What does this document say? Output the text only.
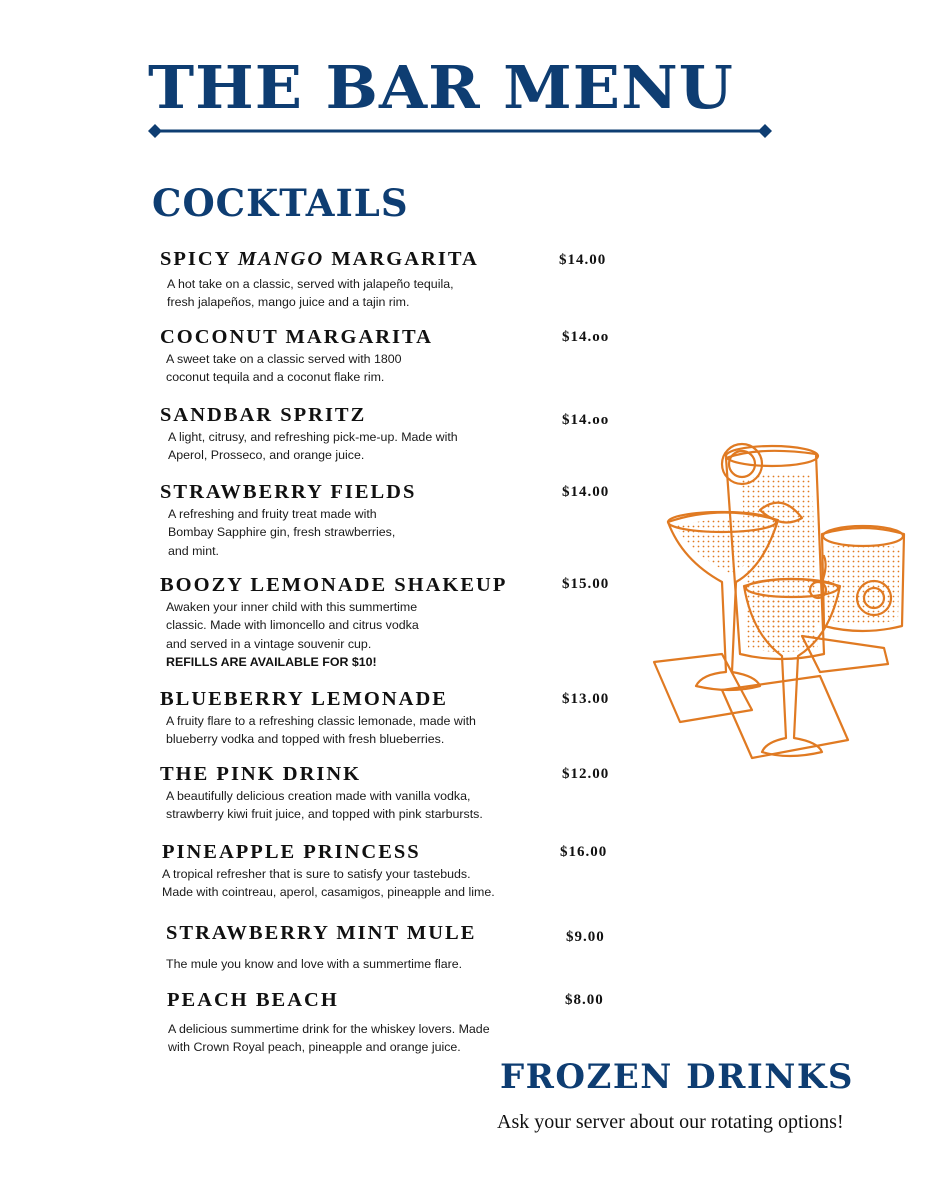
THE BAR MENU
COCKTAILS
SPICY MANGO MARGARITA
A hot take on a classic, served with jalapeño tequila,
fresh jalapeños, mango juice and a tajin rim.
$14.00
COCONUT MARGARITA
A sweet take on a classic served with 1800
coconut tequila and a coconut flake rim.
$14.oo
SANDBAR SPRITZ
A light, citrusy, and refreshing pick-me-up. Made with
Aperol, Prosseco, and orange juice.
$14.oo
STRAWBERRY FIELDS
A refreshing and fruity treat made with
Bombay Sapphire gin, fresh strawberries,
and mint.
$14.00
BOOZY LEMONADE SHAKEUP
Awaken your inner child with this summertime
classic. Made with limoncello and citrus vodka
and served in a vintage souvenir cup.
REFILLS ARE AVAILABLE FOR $10!
$15.00
BLUEBERRY LEMONADE
A fruity flare to a refreshing classic lemonade, made with
blueberry vodka and topped with fresh blueberries.
$13.00
THE PINK DRINK
A beautifully delicious creation made with vanilla vodka,
strawberry kiwi fruit juice, and topped with pink starbursts.
$12.00
PINEAPPLE PRINCESS
A tropical refresher that is sure to satisfy your tastebuds.
Made with cointreau, aperol, casamigos, pineapple and lime.
$16.00
STRAWBERRY MINT MULE
The mule you know and love with a summertime flare.
$9.00
PEACH BEACH
A delicious summertime drink for the whiskey lovers. Made
with Crown Royal peach, pineapple and orange juice.
$8.00
FROZEN DRINKS
Ask your server about our rotating options!
